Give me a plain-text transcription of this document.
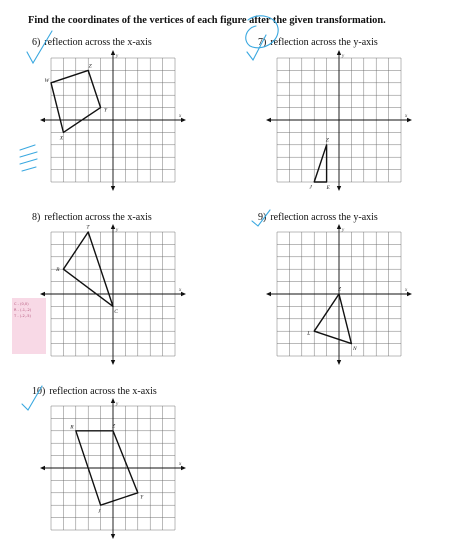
Find the coordinates of the vertices of each figure after the given transformation.
6) reflection across the x-axis
x
y
W
Z
Y
X
7) reflection across the y-axis
x
y
J	E
Z
8) reflection across the x-axis
x
y
R
T
C
9) reflection across the y-axis
x
y
Z
L
N
10) reflection across the x-axis
x
y
R	Z
Y
J
C - (0,0)
R - (-1,-2)
T - (-2,-5)
